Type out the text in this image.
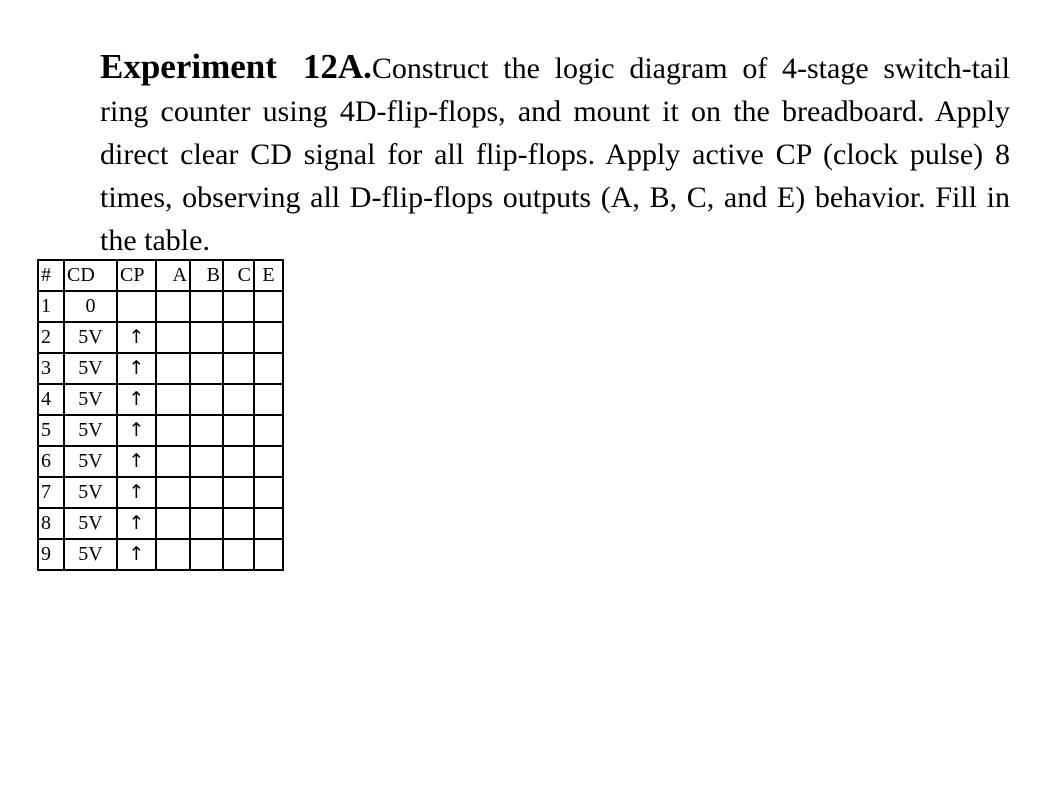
Experiment 12A.Construct the logic diagram of 4-stage switch-tail ring counter using 4D-flip-flops, and mount it on the breadboard. Apply direct clear CD signal for all flip-flops. Apply active CP (clock pulse) 8 times, observing all D-flip-flops outputs (A, B, C, and E) behavior. Fill in the table.

#	CD	CP	A	B	C	E
1	0					
2	5V	↑				
3	5V	↑				
4	5V	↑				
5	5V	↑				
6	5V	↑				
7	5V	↑				
8	5V	↑				
9	5V	↑				
